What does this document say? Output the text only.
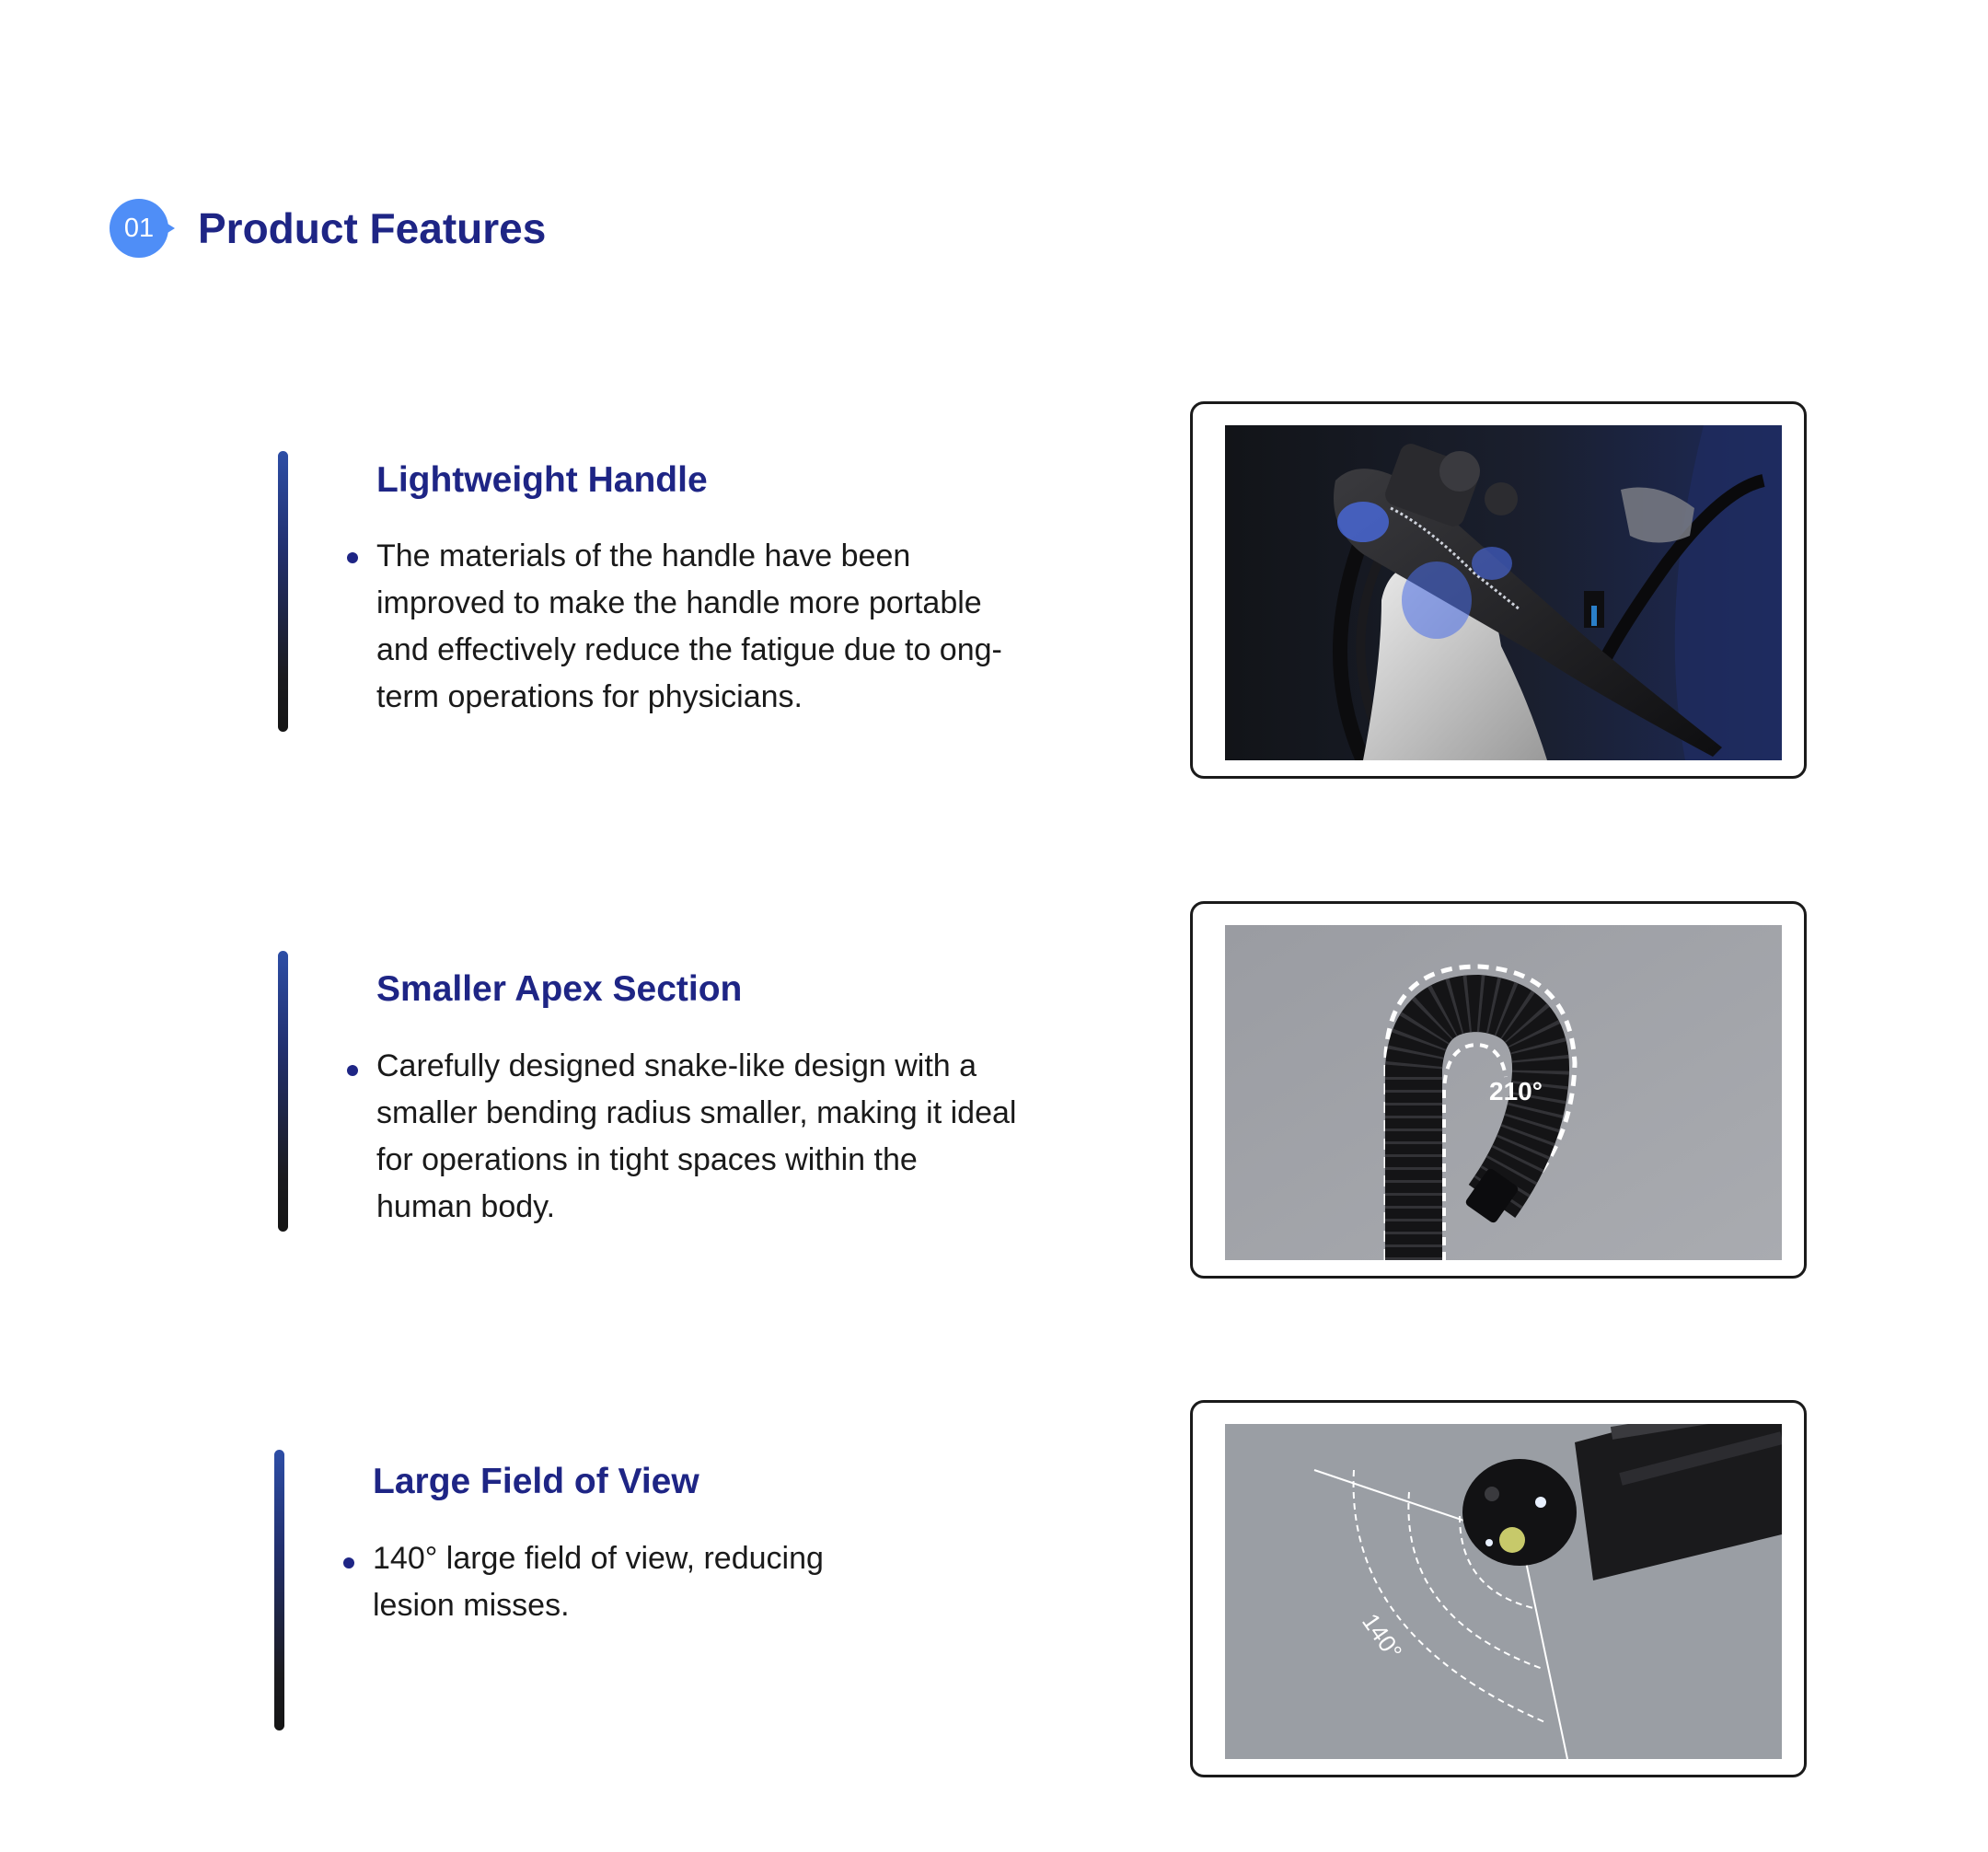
01	Product Features
Lightweight Handle

The materials of the handle have been improved to make the handle more portable and effectively reduce the fatigue due to ong-term operations for physicians.

Smaller Apex Section

Carefully designed snake-like design with a smaller bending radius smaller, making it ideal for operations in tight spaces within the human body.

210°
Large Field of View

140° large field of view, reducing lesion misses.

140°
